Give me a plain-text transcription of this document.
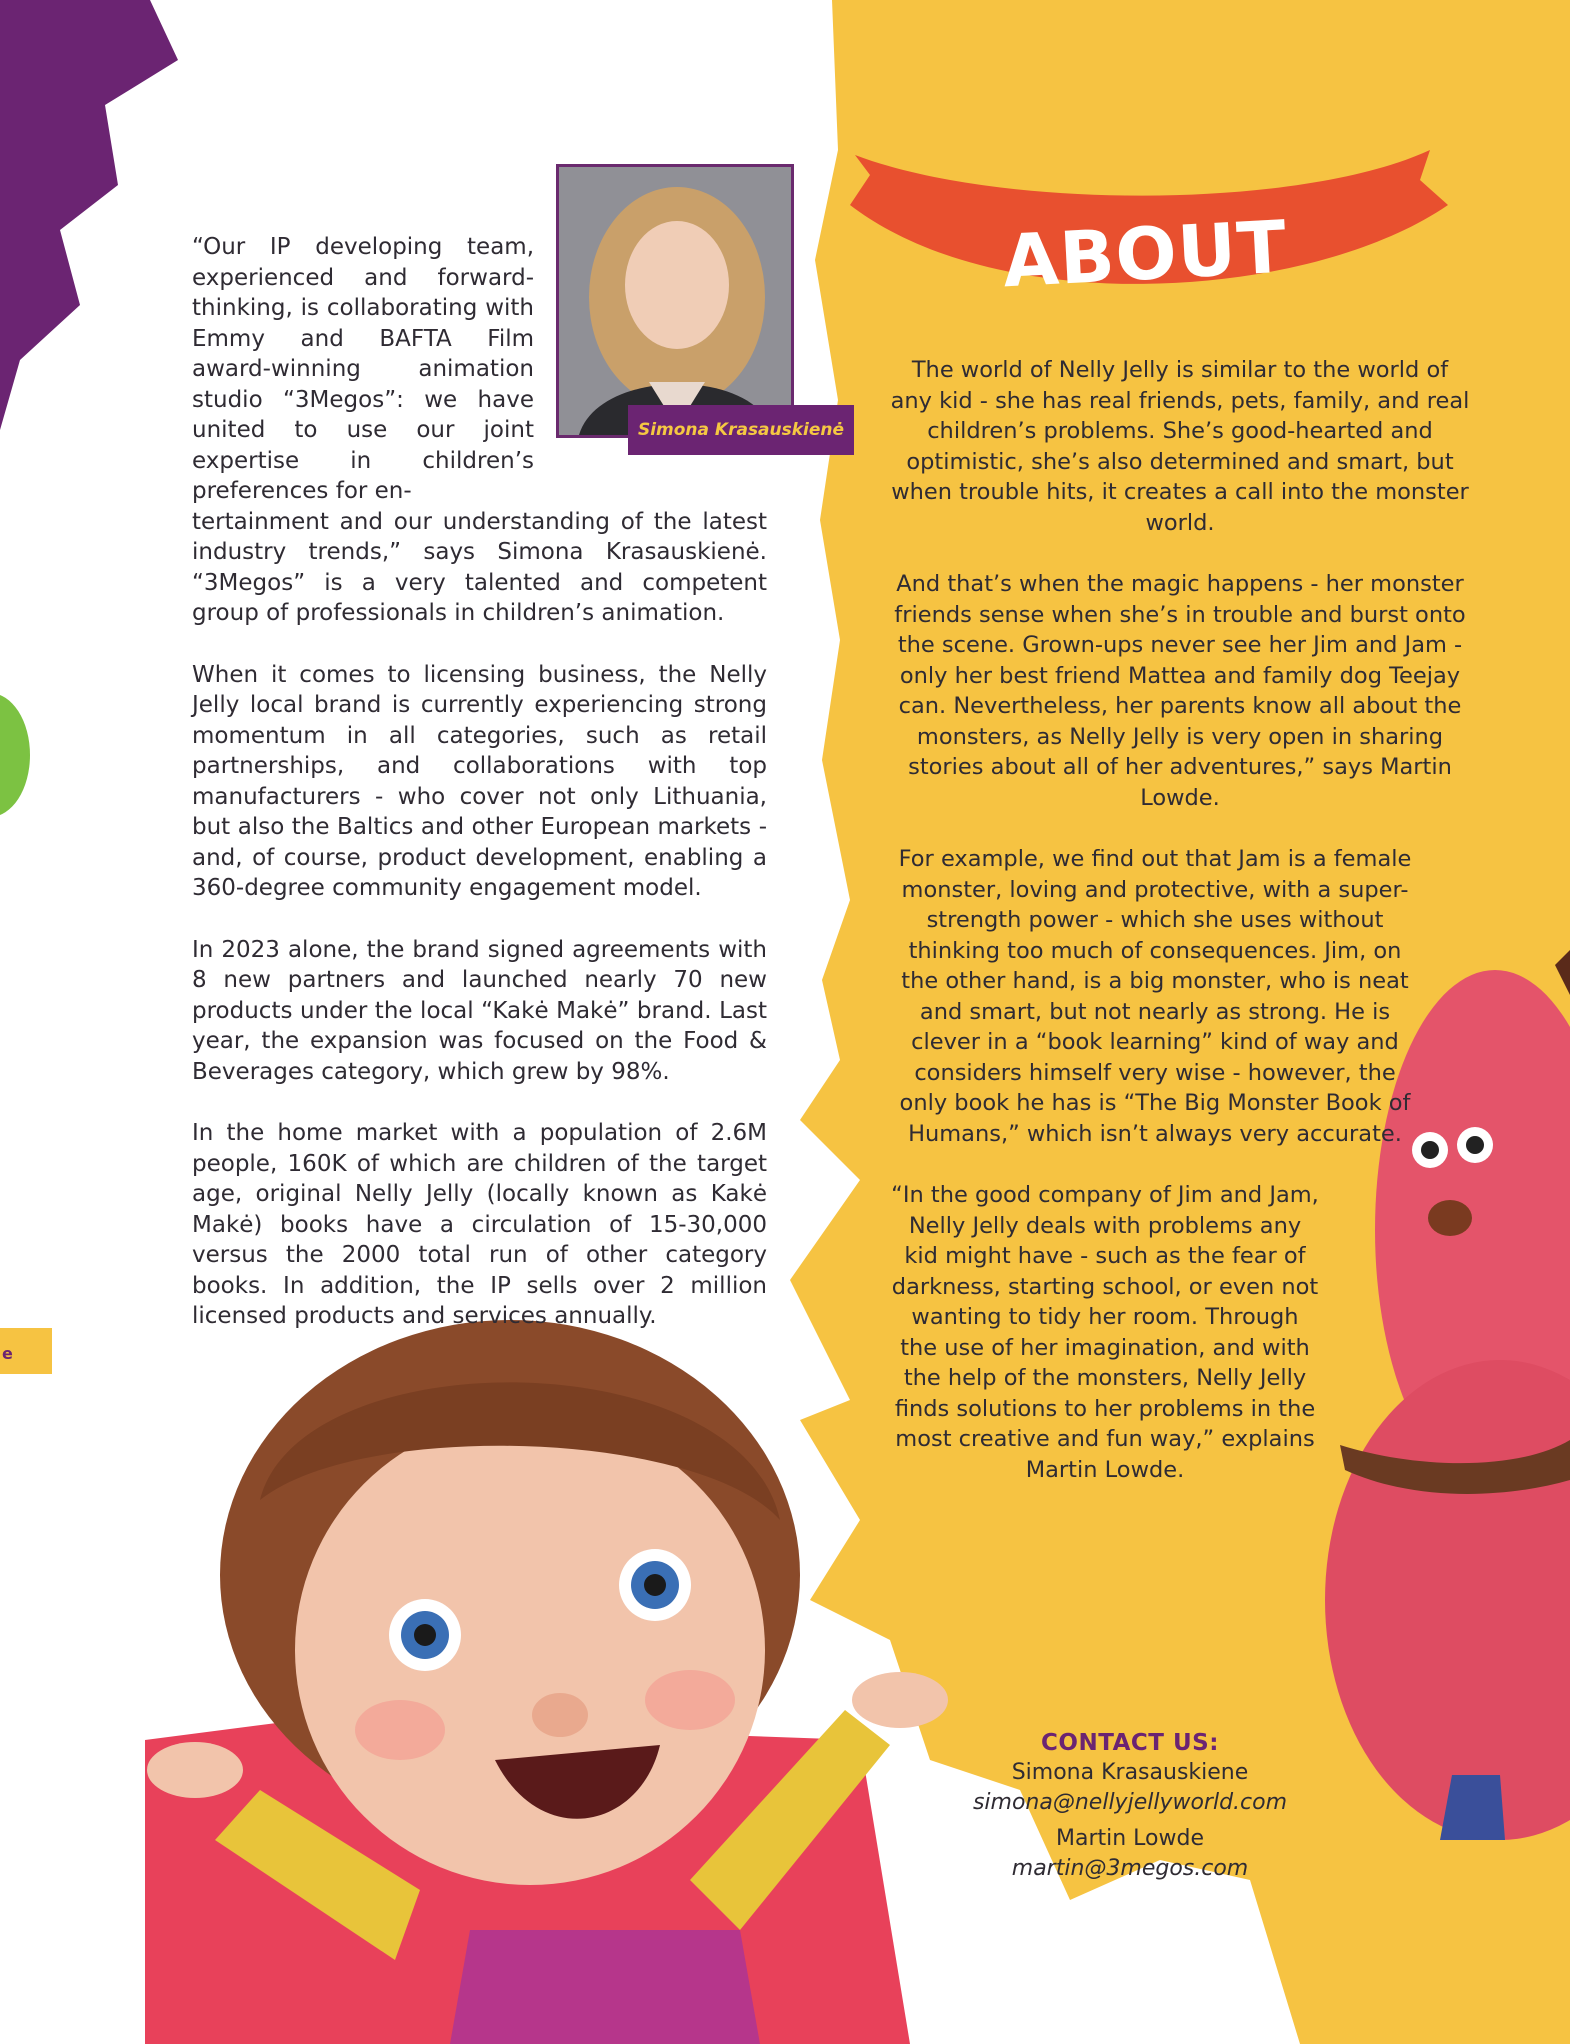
Simona Krasauskienė

“Our IP developing team, experienced and forward-thinking, is collaborating with Emmy and BAFTA Film award-winning animation studio “3Megos”: we have united to use our joint expertise in children’s preferences for en-
tertainment and our understanding of the latest industry trends,” says Simona Krasauskienė. “3Megos” is a very talented and competent group of professionals in children’s animation.

When it comes to licensing business, the Nelly Jelly local brand is currently experiencing strong momentum in all categories, such as retail partnerships, and collaborations with top manufacturers - who cover not only Lithuania, but also the Baltics and other European markets - and, of course, product development, enabling a 360-degree community engagement model.

In 2023 alone, the brand signed agreements with 8 new partners and launched nearly 70 new products under the local “Kakė Makė” brand. Last year, the expansion was focused on the Food & Beverages category, which grew by 98%.

In the home market with a population of 2.6M people, 160K of which are children of the target age, original Nelly Jelly (locally known as Kakė Makė) books have a circulation of 15-30,000 versus the 2000 total run of other category books. In addition, the IP sells over 2 million licensed products and services annually.

ABOUT

The world of Nelly Jelly is similar to the world of any kid - she has real friends, pets, family, and real children’s problems. She’s good-hearted and optimistic, she’s also determined and smart, but when trouble hits, it creates a call into the monster world.

And that’s when the magic happens - her monster friends sense when she’s in trouble and burst onto the scene. Grown-ups never see her Jim and Jam - only her best friend Mattea and family dog Teejay can. Nevertheless, her parents know all about the monsters, as Nelly Jelly is very open in sharing stories about all of her adventures,” says Martin Lowde.

For example, we find out that Jam is a female monster, loving and protective, with a super-strength power - which she uses without thinking too much of consequences. Jim, on the other hand, is a big monster, who is neat and smart, but not nearly as strong. He is clever in a “book learning” kind of way and considers himself very wise - however, the only book he has is “The Big Monster Book of Humans,” which isn’t always very accurate.

“In the good company of Jim and Jam, Nelly Jelly deals with problems any kid might have - such as the fear of darkness, starting school, or even not wanting to tidy her room. Through the use of her imagination, and with the help of the monsters, Nelly Jelly finds solutions to her problems in the most creative and fun way,” explains Martin Lowde.

CONTACT US:
Simona Krasauskiene
simona@nellyjellyworld.com
Martin Lowde
martin@3megos.com
e
